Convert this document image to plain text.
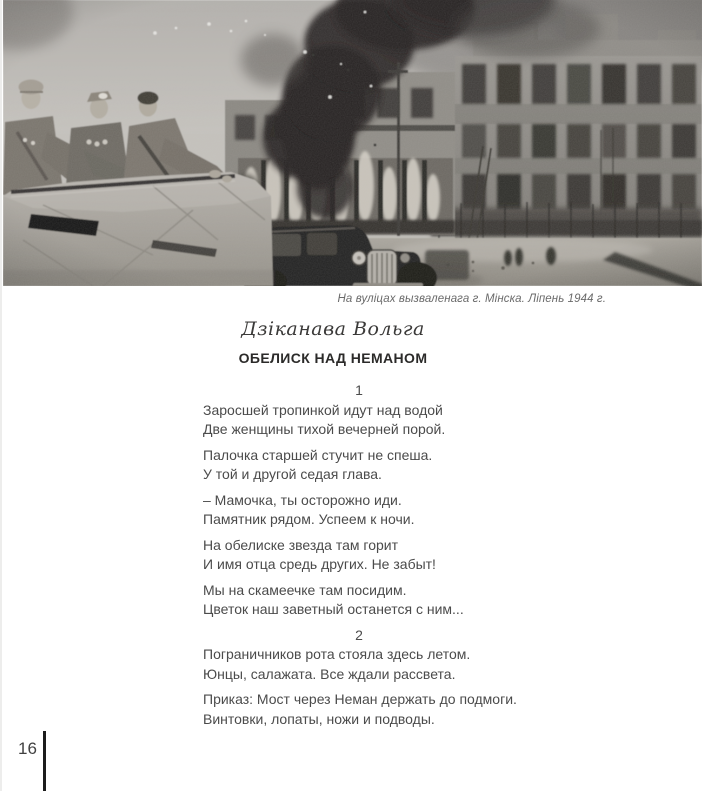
На вуліцах вызваленага г. Мінска. Ліпень 1944 г.
Дзіканава Вольга
ОБЕЛИСК НАД НЕМАНОМ
1
Заросшей тропинкой идут над водой
Две женщины тихой вечерней порой.
Палочка старшей стучит не спеша.
У той и другой седая глава.
– Мамочка, ты осторожно иди.
Памятник рядом. Успеем к ночи.
На обелиске звезда там горит
И имя отца средь других. Не забыт!
Мы на скамеечке там посидим.
Цветок наш заветный останется с ним...
2
Пограничников рота стояла здесь летом.
Юнцы, салажата. Все ждали рассвета.
Приказ: Мост через Неман держать до подмоги.
Винтовки, лопаты, ножи и подводы.
16
